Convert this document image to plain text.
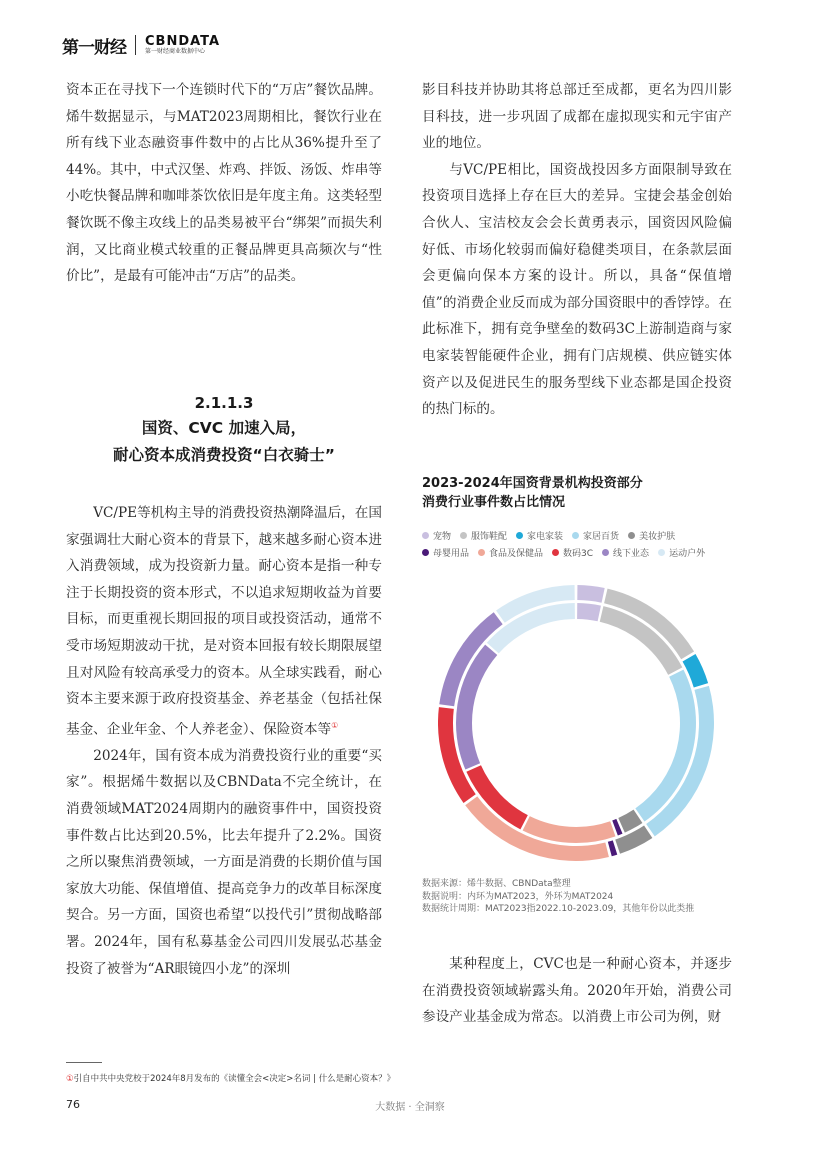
第一财经 CBNDATA
第一财经商业数据中心

资本正在寻找下一个连锁时代下的“万店”餐饮品牌。烯牛数据显示，与MAT2023周期相比，餐饮行业在所有线下业态融资事件数中的占比从36%提升至了44%。其中，中式汉堡、炸鸡、拌饭、汤饭、炸串等小吃快餐品牌和咖啡茶饮依旧是年度主角。这类轻型餐饮既不像主攻线上的品类易被平台“绑架”而损失利润，又比商业模式较重的正餐品牌更具高频次与“性价比”，是最有可能冲击“万店”的品类。

2.1.1.3
国资、CVC 加速入局，
耐心资本成消费投资“白衣骑士”

VC/PE等机构主导的消费投资热潮降温后，在国家强调壮大耐心资本的背景下，越来越多耐心资本进入消费领域，成为投资新力量。耐心资本是指一种专注于长期投资的资本形式，不以追求短期收益为首要目标，而更重视长期回报的项目或投资活动，通常不受市场短期波动干扰，是对资本回报有较长期限展望且对风险有较高承受力的资本。从全球实践看，耐心资本主要来源于政府投资基金、养老基金（包括社保基金、企业年金、个人养老金）、保险资本等①

2024年，国有资本成为消费投资行业的重要“买家”。根据烯牛数据以及CBNData不完全统计，在消费领域MAT2024周期内的融资事件中，国资投资事件数占比达到20.5%，比去年提升了2.2%。国资之所以聚焦消费领域，一方面是消费的长期价值与国家放大功能、保值增值、提高竞争力的改革目标深度契合。另一方面，国资也希望“以投代引”贯彻战略部署。2024年，国有私募基金公司四川发展弘芯基金投资了被誉为“AR眼镜四小龙”的深圳

影目科技并协助其将总部迁至成都，更名为四川影目科技，进一步巩固了成都在虚拟现实和元宇宙产业的地位。

与VC/PE相比，国资战投因多方面限制导致在投资项目选择上存在巨大的差异。宝捷会基金创始合伙人、宝洁校友会会长黄勇表示，国资因风险偏好低、市场化较弱而偏好稳健类项目，在条款层面会更偏向保本方案的设计。所以，具备“保值增值”的消费企业反而成为部分国资眼中的香饽饽。在此标准下，拥有竞争壁垒的数码3C上游制造商与家电家装智能硬件企业，拥有门店规模、供应链实体资产以及促进民生的服务型线下业态都是国企投资的热门标的。

2023-2024年国资背景机构投资部分
消费行业事件数占比情况
宠物 服饰鞋配 家电家装 家居百货 美妆护肤
母婴用品 食品及保健品 数码3C 线下业态 运动户外
数据来源：烯牛数据、CBNData整理
数据说明：内环为MAT2023，外环为MAT2024
数据统计周期：MAT2023指2022.10-2023.09，其他年份以此类推

某种程度上，CVC也是一种耐心资本，并逐步在消费投资领域崭露头角。2020年开始，消费公司参设产业基金成为常态。以消费上市公司为例，财

①引自中共中央党校于2024年8月发布的《读懂全会<决定>名词 | 什么是耐心资本？》
76	大数据 · 全洞察
